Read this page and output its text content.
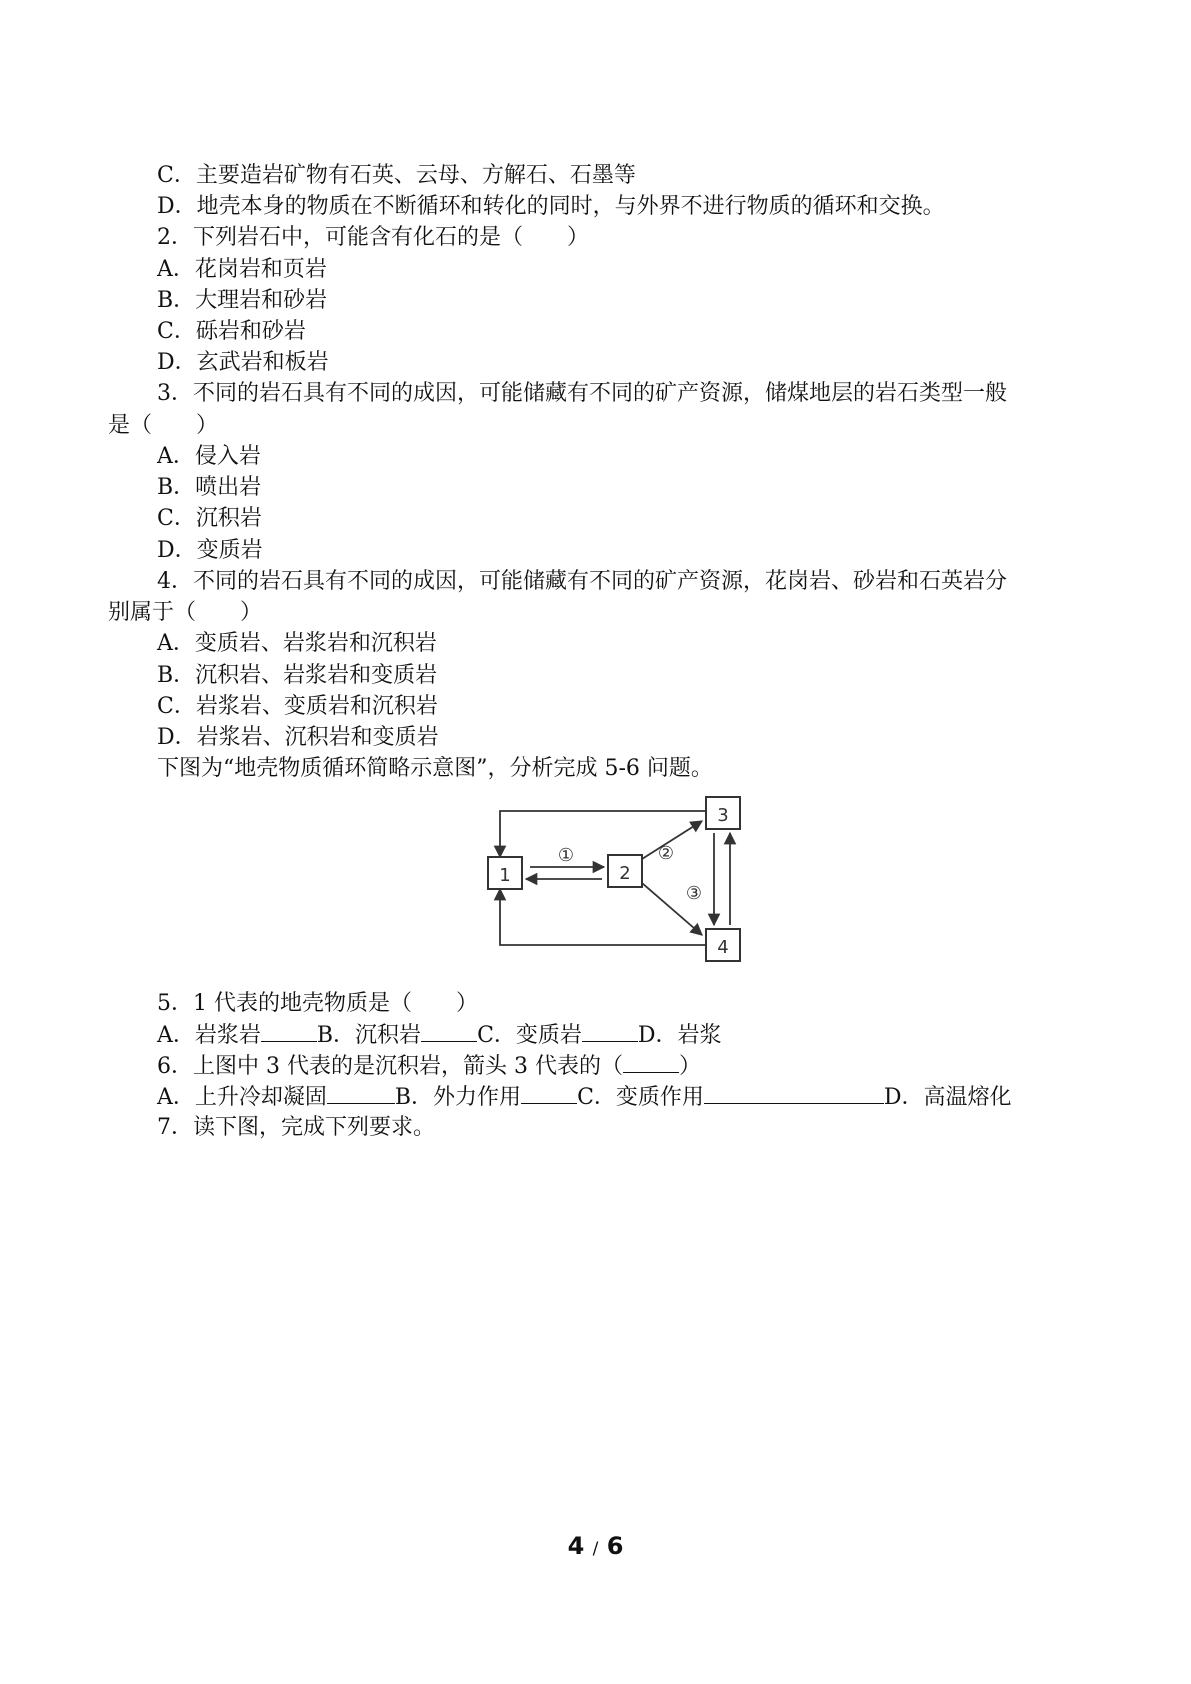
C．主要造岩矿物有石英、云母、方解石、石墨等
D．地壳本身的物质在不断循环和转化的同时，与外界不进行物质的循环和交换。
2．下列岩石中，可能含有化石的是（　　）
A．花岗岩和页岩
B．大理岩和砂岩
C．砾岩和砂岩
D．玄武岩和板岩
3．不同的岩石具有不同的成因，可能储藏有不同的矿产资源，储煤地层的岩石类型一般
是（　　）
A．侵入岩
B．喷出岩
C．沉积岩
D．变质岩
4．不同的岩石具有不同的成因，可能储藏有不同的矿产资源，花岗岩、砂岩和石英岩分
别属于（　　）
A．变质岩、岩浆岩和沉积岩
B．沉积岩、岩浆岩和变质岩
C．岩浆岩、变质岩和沉积岩
D．岩浆岩、沉积岩和变质岩
下图为“地壳物质循环简略示意图”，分析完成 5-6 问题。
1	2
3
4
①	②
③
5．1 代表的地壳物质是（　　）
A．岩浆岩	B．沉积岩	C．变质岩	D．岩浆
6．上图中 3 代表的是沉积岩，箭头 3 代表的（	）
A．上升冷却凝固	B．外力作用	C．变质作用	D．高温熔化
7．读下图，完成下列要求。
4 / 6
